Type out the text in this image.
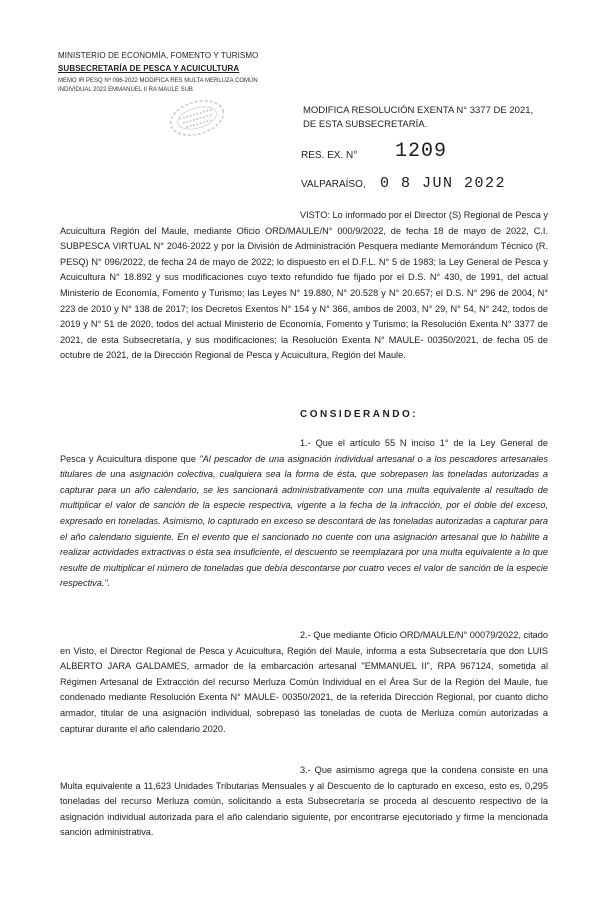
MINISTERIO DE ECONOMÍA, FOMENTO Y TURISMO
SUBSECRETARÍA DE PESCA Y ACUICULTURA
MEMO IR PESQ Nº 096-2022 MODIFICA RES MULTA MERLUZA COMÚN
INDIVIDUAL 2022 EMMANUEL II RA MAULE SUB
MODIFICA RESOLUCIÓN EXENTA N° 3377 DE 2021,
DE ESTA SUBSECRETARÍA.
RES. EX. N° 1209
VALPARAÍSO, 0 8 JUN 2022

VISTO: Lo informado por el Director (S) Regional de Pesca y Acuicultura Región del Maule, mediante Oficio ORD/MAULE/N° 000/9/2022, de fecha 18 de mayo de 2022, C.I. SUBPESCA VIRTUAL N° 2046-2022 y por la División de Administración Pesquera mediante Memorándum Técnico (R. PESQ) N° 096/2022, de fecha 24 de mayo de 2022; lo dispuesto en el D.F.L. N° 5 de 1983; la Ley General de Pesca y Acuicultura N° 18.892 y sus modificaciones cuyo texto refundido fue fijado por el D.S. N° 430, de 1991, del actual Ministerio de Economía, Fomento y Turismo; las Leyes N° 19.880, N° 20.528 y N° 20.657; el D.S. N° 296 de 2004, N° 223 de 2010 y N° 138 de 2017; los Decretos Exentos N° 154 y N° 366, ambos de 2003, N° 29, N° 54, N° 242, todos de 2019 y N° 51 de 2020, todos del actual Ministerio de Economía, Fomento y Turismo; la Resolución Exenta N° 3377 de 2021, de esta Subsecretaría, y sus modificaciones; la Resolución Exenta N° MAULE- 00350/2021, de fecha 05 de octubre de 2021, de la Dirección Regional de Pesca y Acuicultura, Región del Maule.

CONSIDERANDO:

1.- Que el artículo 55 N inciso 1° de la Ley General de Pesca y Acuicultura dispone que "Al pescador de una asignación individual artesanal o a los pescadores artesanales titulares de una asignación colectiva, cualquiera sea la forma de ésta, que sobrepasen las toneladas autorizadas a capturar para un año calendario, se les sancionará administrativamente con una multa equivalente al resultado de multiplicar el valor de sanción de la especie respectiva, vigente a la fecha de la infracción, por el doble del exceso, expresado en toneladas. Asimismo, lo capturado en exceso se descontará de las toneladas autorizadas a capturar para el año calendario siguiente. En el evento que el sancionado no cuente con una asignación artesanal que lo habilite a realizar actividades extractivas o ésta sea insuficiente, el descuento se reemplazará por una multa equivalente a lo que resulte de multiplicar el número de toneladas que debía descontarse por cuatro veces el valor de sanción de la especie respectiva.".

2.- Que mediante Oficio ORD/MAULE/N° 00079/2022, citado en Visto, el Director Regional de Pesca y Acuicultura, Región del Maule, informa a esta Subsecretaría que don LUIS ALBERTO JARA GALDAMES, armador de la embarcación artesanal "EMMANUEL II", RPA 967124, sometida al Régimen Artesanal de Extracción del recurso Merluza Común Individual en el Área Sur de la Región del Maule, fue condenado mediante Resolución Exenta N° MAULE- 00350/2021, de la referida Dirección Regional, por cuanto dicho armador, titular de una asignación individual, sobrepasó las toneladas de cuota de Merluza común autorizadas a capturar durante el año calendario 2020.

3.- Que asimismo agrega que la condena consiste en una Multa equivalente a 11,623 Unidades Tributarias Mensuales y al Descuento de lo capturado en exceso, esto es, 0,295 toneladas del recurso Merluza común, solicitando a esta Subsecretaría se proceda al descuento respectivo de la asignación individual autorizada para el año calendario siguiente, por encontrarse ejecutoriado y firme la mencionada sanción administrativa.
